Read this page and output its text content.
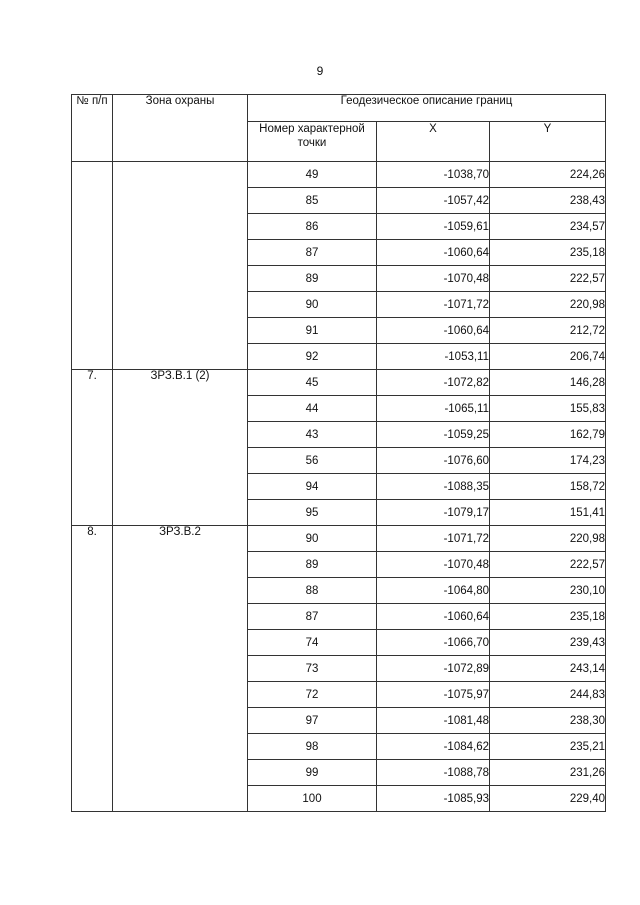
9
№ п/п	Зона охраны	Геодезическое описание границ		
		Номер характерной точки	X	Y
		49	-1038,70	224,26
		85	-1057,42	238,43
		86	-1059,61	234,57
		87	-1060,64	235,18
		89	-1070,48	222,57
		90	-1071,72	220,98
		91	-1060,64	212,72
		92	-1053,11	206,74
7.	ЗРЗ.В.1 (2)	45	-1072,82	146,28
		44	-1065,11	155,83
		43	-1059,25	162,79
		56	-1076,60	174,23
		94	-1088,35	158,72
		95	-1079,17	151,41
8.	ЗРЗ.В.2	90	-1071,72	220,98
		89	-1070,48	222,57
		88	-1064,80	230,10
		87	-1060,64	235,18
		74	-1066,70	239,43
		73	-1072,89	243,14
		72	-1075,97	244,83
		97	-1081,48	238,30
		98	-1084,62	235,21
		99	-1088,78	231,26
		100	-1085,93	229,40
